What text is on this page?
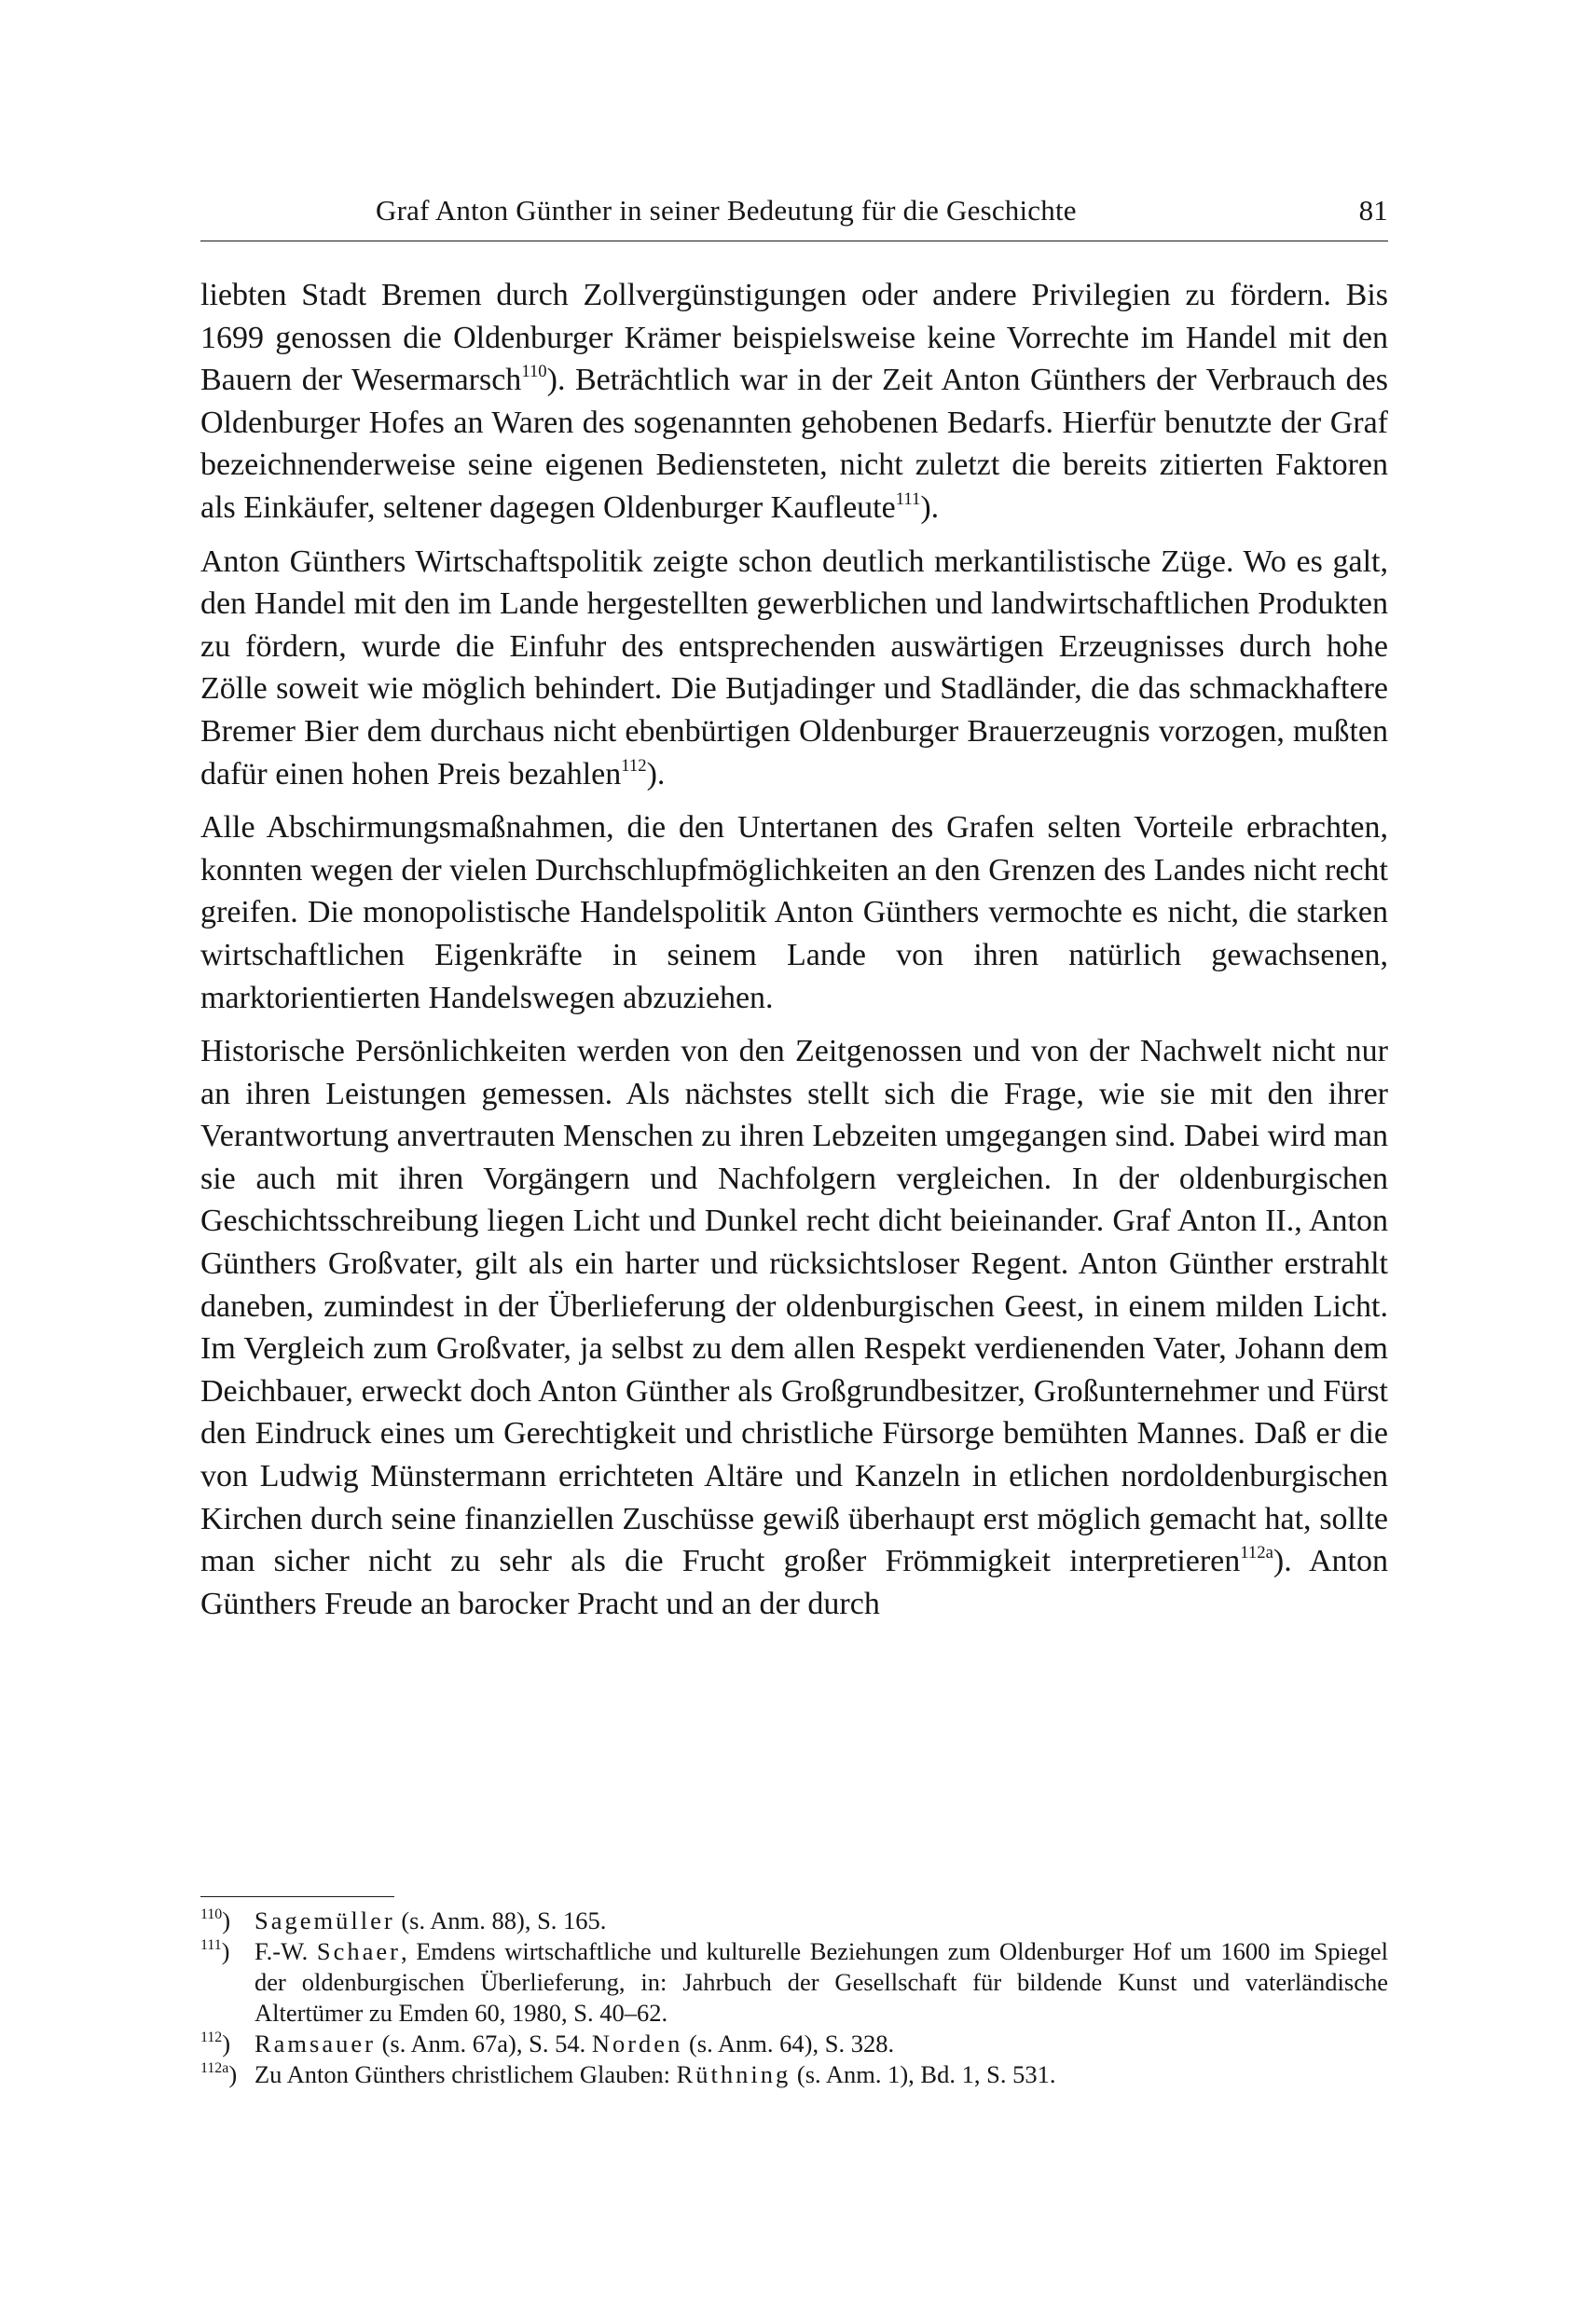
Graf Anton Günther in seiner Bedeutung für die Geschichte	81

liebten Stadt Bremen durch Zollvergünstigungen oder andere Privilegien zu fördern. Bis 1699 genossen die Oldenburger Krämer beispielsweise keine Vorrechte im Handel mit den Bauern der Wesermarsch$^{110}$). Beträchtlich war in der Zeit Anton Günthers der Verbrauch des Oldenburger Hofes an Waren des sogenannten gehobenen Bedarfs. Hierfür benutzte der Graf bezeichnenderweise seine eigenen Bediensteten, nicht zuletzt die bereits zitierten Faktoren als Einkäufer, seltener dagegen Oldenburger Kaufleute$^{111}$).

Anton Günthers Wirtschaftspolitik zeigte schon deutlich merkantilistische Züge. Wo es galt, den Handel mit den im Lande hergestellten gewerblichen und landwirtschaftlichen Produkten zu fördern, wurde die Einfuhr des entsprechenden auswärtigen Erzeugnisses durch hohe Zölle soweit wie möglich behindert. Die Butjadinger und Stadländer, die das schmackhaftere Bremer Bier dem durchaus nicht ebenbürtigen Oldenburger Brauerzeugnis vorzogen, mußten dafür einen hohen Preis bezahlen$^{112}$).

Alle Abschirmungsmaßnahmen, die den Untertanen des Grafen selten Vorteile erbrachten, konnten wegen der vielen Durchschlupfmöglichkeiten an den Grenzen des Landes nicht recht greifen. Die monopolistische Handelspolitik Anton Günthers vermochte es nicht, die starken wirtschaftlichen Eigenkräfte in seinem Lande von ihren natürlich gewachsenen, marktorientierten Handelswegen abzuziehen.

Historische Persönlichkeiten werden von den Zeitgenossen und von der Nachwelt nicht nur an ihren Leistungen gemessen. Als nächstes stellt sich die Frage, wie sie mit den ihrer Verantwortung anvertrauten Menschen zu ihren Lebzeiten umgegangen sind. Dabei wird man sie auch mit ihren Vorgängern und Nachfolgern vergleichen. In der oldenburgischen Geschichtsschreibung liegen Licht und Dunkel recht dicht beieinander. Graf Anton II., Anton Günthers Großvater, gilt als ein harter und rücksichtsloser Regent. Anton Günther erstrahlt daneben, zumindest in der Überlieferung der oldenburgischen Geest, in einem milden Licht. Im Vergleich zum Großvater, ja selbst zu dem allen Respekt verdienenden Vater, Johann dem Deichbauer, erweckt doch Anton Günther als Großgrundbesitzer, Großunternehmer und Fürst den Eindruck eines um Gerechtigkeit und christliche Fürsorge bemühten Mannes. Daß er die von Ludwig Münstermann errichteten Altäre und Kanzeln in etlichen nordoldenburgischen Kirchen durch seine finanziellen Zuschüsse gewiß überhaupt erst möglich gemacht hat, sollte man sicher nicht zu sehr als die Frucht großer Frömmigkeit interpretieren$^{112a}$). Anton Günthers Freude an barocker Pracht und an der durch

$^{110}$) Sagemüller (s. Anm. 88), S. 165.
$^{111}$) F.-W. Schaer, Emdens wirtschaftliche und kulturelle Beziehungen zum Oldenburger Hof um 1600 im Spiegel der oldenburgischen Überlieferung, in: Jahrbuch der Gesellschaft für bildende Kunst und vaterländische Altertümer zu Emden 60, 1980, S. 40–62.
$^{112}$) Ramsauer (s. Anm. 67a), S. 54. Norden (s. Anm. 64), S. 328.
$^{112a}$) Zu Anton Günthers christlichem Glauben: Rüthning (s. Anm. 1), Bd. 1, S. 531.
